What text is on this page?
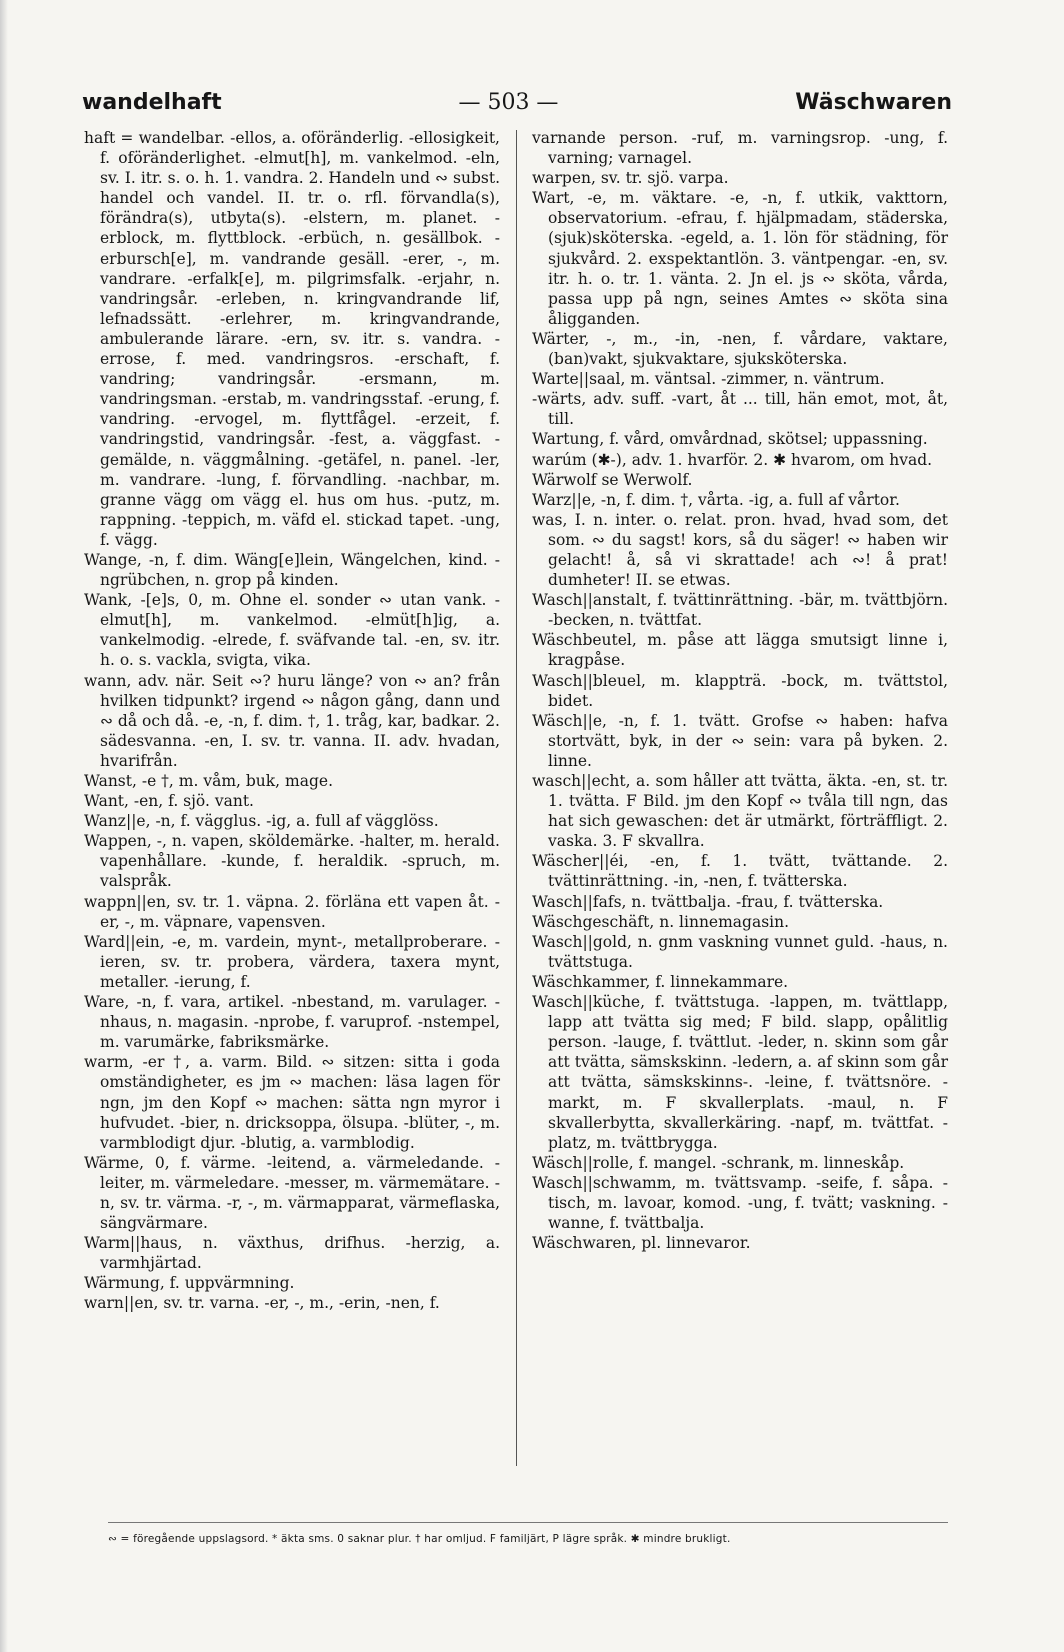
wandelhaft	— 503 —	Wäschwaren

haft = wandelbar. -ellos, a. oföränderlig. -ellosigkeit, f. oföränderlighet. -elmut[h], m. vankelmod. -eln, sv. I. itr. s. o. h. 1. vandra. 2. Handeln und ∾ subst. handel och vandel. II. tr. o. rfl. förvandla(s), förändra(s), utbyta(s). -elstern, m. planet. -erblock, m. flyttblock. -erbüch, n. gesällbok. -erbursch[e], m. vandrande gesäll. -erer, -, m. vandrare. -erfalk[e], m. pilgrimsfalk. -erjahr, n. vandringsår. -erleben, n. kringvandrande lif, lefnadssätt. -erlehrer, m. kringvandrande, ambulerande lärare. -ern, sv. itr. s. vandra. -errose, f. med. vandringsros. -erschaft, f. vandring; vandringsår. -ersmann, m. vandringsman. -erstab, m. vandringsstaf. -erung, f. vandring. -ervogel, m. flyttfågel. -erzeit, f. vandringstid, vandringsår. -fest, a. väggfast. -gemälde, n. väggmålning. -getäfel, n. panel. -ler, m. vandrare. -lung, f. förvandling. -nachbar, m. granne vägg om vägg el. hus om hus. -putz, m. rappning. -teppich, m. väfd el. stickad tapet. -ung, f. vägg.

Wange, -n, f. dim. Wäng[e]lein, Wängelchen, kind. -ngrübchen, n. grop på kinden.

Wank, -[e]s, 0, m. Ohne el. sonder ∾ utan vank. -elmut[h], m. vankelmod. -elmüt[h]ig, a. vankelmodig. -elrede, f. sväfvande tal. -en, sv. itr. h. o. s. vackla, svigta, vika.

wann, adv. när. Seit ∾? huru länge? von ∾ an? från hvilken tidpunkt? irgend ∾ någon gång, dann und ∾ då och då. -e, -n, f. dim. †, 1. tråg, kar, badkar. 2. sädesvanna. -en, I. sv. tr. vanna. II. adv. hvadan, hvarifrån.

Wanst, -e †, m. våm, buk, mage.

Want, -en, f. sjö. vant.

Wanz||e, -n, f. vägglus. -ig, a. full af vägglöss.

Wappen, -, n. vapen, sköldemärke. -halter, m. herald. vapenhållare. -kunde, f. heraldik. -spruch, m. valspråk.

wappn||en, sv. tr. 1. väpna. 2. förläna ett vapen åt. -er, -, m. väpnare, vapensven.

Ward||ein, -e, m. vardein, mynt-, metallproberare. -ieren, sv. tr. probera, värdera, taxera mynt, metaller. -ierung, f.

Ware, -n, f. vara, artikel. -nbestand, m. varulager. -nhaus, n. magasin. -nprobe, f. varuprof. -nstempel, m. varumärke, fabriksmärke.

warm, -er †, a. varm. Bild. ∾ sitzen: sitta i goda omständigheter, es jm ∾ machen: läsa lagen för ngn, jm den Kopf ∾ machen: sätta ngn myror i hufvudet. -bier, n. dricksoppa, ölsupa. -blüter, -, m. varmblodigt djur. -blutig, a. varmblodig.

Wärme, 0, f. värme. -leitend, a. värmeledande. -leiter, m. värmeledare. -messer, m. värmemätare. -n, sv. tr. värma. -r, -, m. värmapparat, värmeflaska, sängvärmare.

Warm||haus, n. växthus, drifhus. -herzig, a. varmhjärtad.

Wärmung, f. uppvärmning.

warn||en, sv. tr. varna. -er, -, m., -erin, -nen, f.

varnande person. -ruf, m. varningsrop. -ung, f. varning; varnagel.

warpen, sv. tr. sjö. varpa.

Wart, -e, m. väktare. -e, -n, f. utkik, vakttorn, observatorium. -efrau, f. hjälpmadam, städerska, (sjuk)sköterska. -egeld, a. 1. lön för städning, för sjukvård. 2. exspektantlön. 3. väntpengar. -en, sv. itr. h. o. tr. 1. vänta. 2. Jn el. js ∾ sköta, vårda, passa upp på ngn, seines Amtes ∾ sköta sina åligganden.

Wärter, -, m., -in, -nen, f. vårdare, vaktare, (ban)vakt, sjukvaktare, sjuksköterska.

Warte||saal, m. väntsal. -zimmer, n. väntrum.

-wärts, adv. suff. -vart, åt ... till, hän emot, mot, åt, till.

Wartung, f. vård, omvårdnad, skötsel; uppassning.

warúm (✱-), adv. 1. hvarför. 2. ✱ hvarom, om hvad.

Wärwolf se Werwolf.

Warz||e, -n, f. dim. †, vårta. -ig, a. full af vårtor.

was, I. n. inter. o. relat. pron. hvad, hvad som, det som. ∾ du sagst! kors, så du säger! ∾ haben wir gelacht! å, så vi skrattade! ach ∾! å prat! dumheter! II. se etwas.

Wasch||anstalt, f. tvättinrättning. -bär, m. tvättbjörn. -becken, n. tvättfat.

Wäschbeutel, m. påse att lägga smutsigt linne i, kragpåse.

Wasch||bleuel, m. klappträ. -bock, m. tvättstol, bidet.

Wäsch||e, -n, f. 1. tvätt. Grofse ∾ haben: hafva stortvätt, byk, in der ∾ sein: vara på byken. 2. linne.

wasch||echt, a. som håller att tvätta, äkta. -en, st. tr. 1. tvätta. F Bild. jm den Kopf ∾ tvåla till ngn, das hat sich gewaschen: det är utmärkt, förträffligt. 2. vaska. 3. F skvallra.

Wäscher||éi, -en, f. 1. tvätt, tvättande. 2. tvättinrättning. -in, -nen, f. tvätterska.

Wasch||fafs, n. tvättbalja. -frau, f. tvätterska.

Wäschgeschäft, n. linnemagasin.

Wasch||gold, n. gnm vaskning vunnet guld. -haus, n. tvättstuga.

Wäschkammer, f. linnekammare.

Wasch||küche, f. tvättstuga. -lappen, m. tvättlapp, lapp att tvätta sig med; F bild. slapp, opålitlig person. -lauge, f. tvättlut. -leder, n. skinn som går att tvätta, sämskskinn. -ledern, a. af skinn som går att tvätta, sämskskinns-. -leine, f. tvättsnöre. -markt, m. F skvallerplats. -maul, n. F skvallerbytta, skvallerkäring. -napf, m. tvättfat. -platz, m. tvättbrygga.

Wäsch||rolle, f. mangel. -schrank, m. linneskåp.

Wasch||schwamm, m. tvättsvamp. -seife, f. såpa. -tisch, m. lavoar, komod. -ung, f. tvätt; vaskning. -wanne, f. tvättbalja.

Wäschwaren, pl. linnevaror.

∾ = föregående uppslagsord. * äkta sms. 0 saknar plur. † har omljud. F familjärt, P lägre språk. ✱ mindre brukligt.
